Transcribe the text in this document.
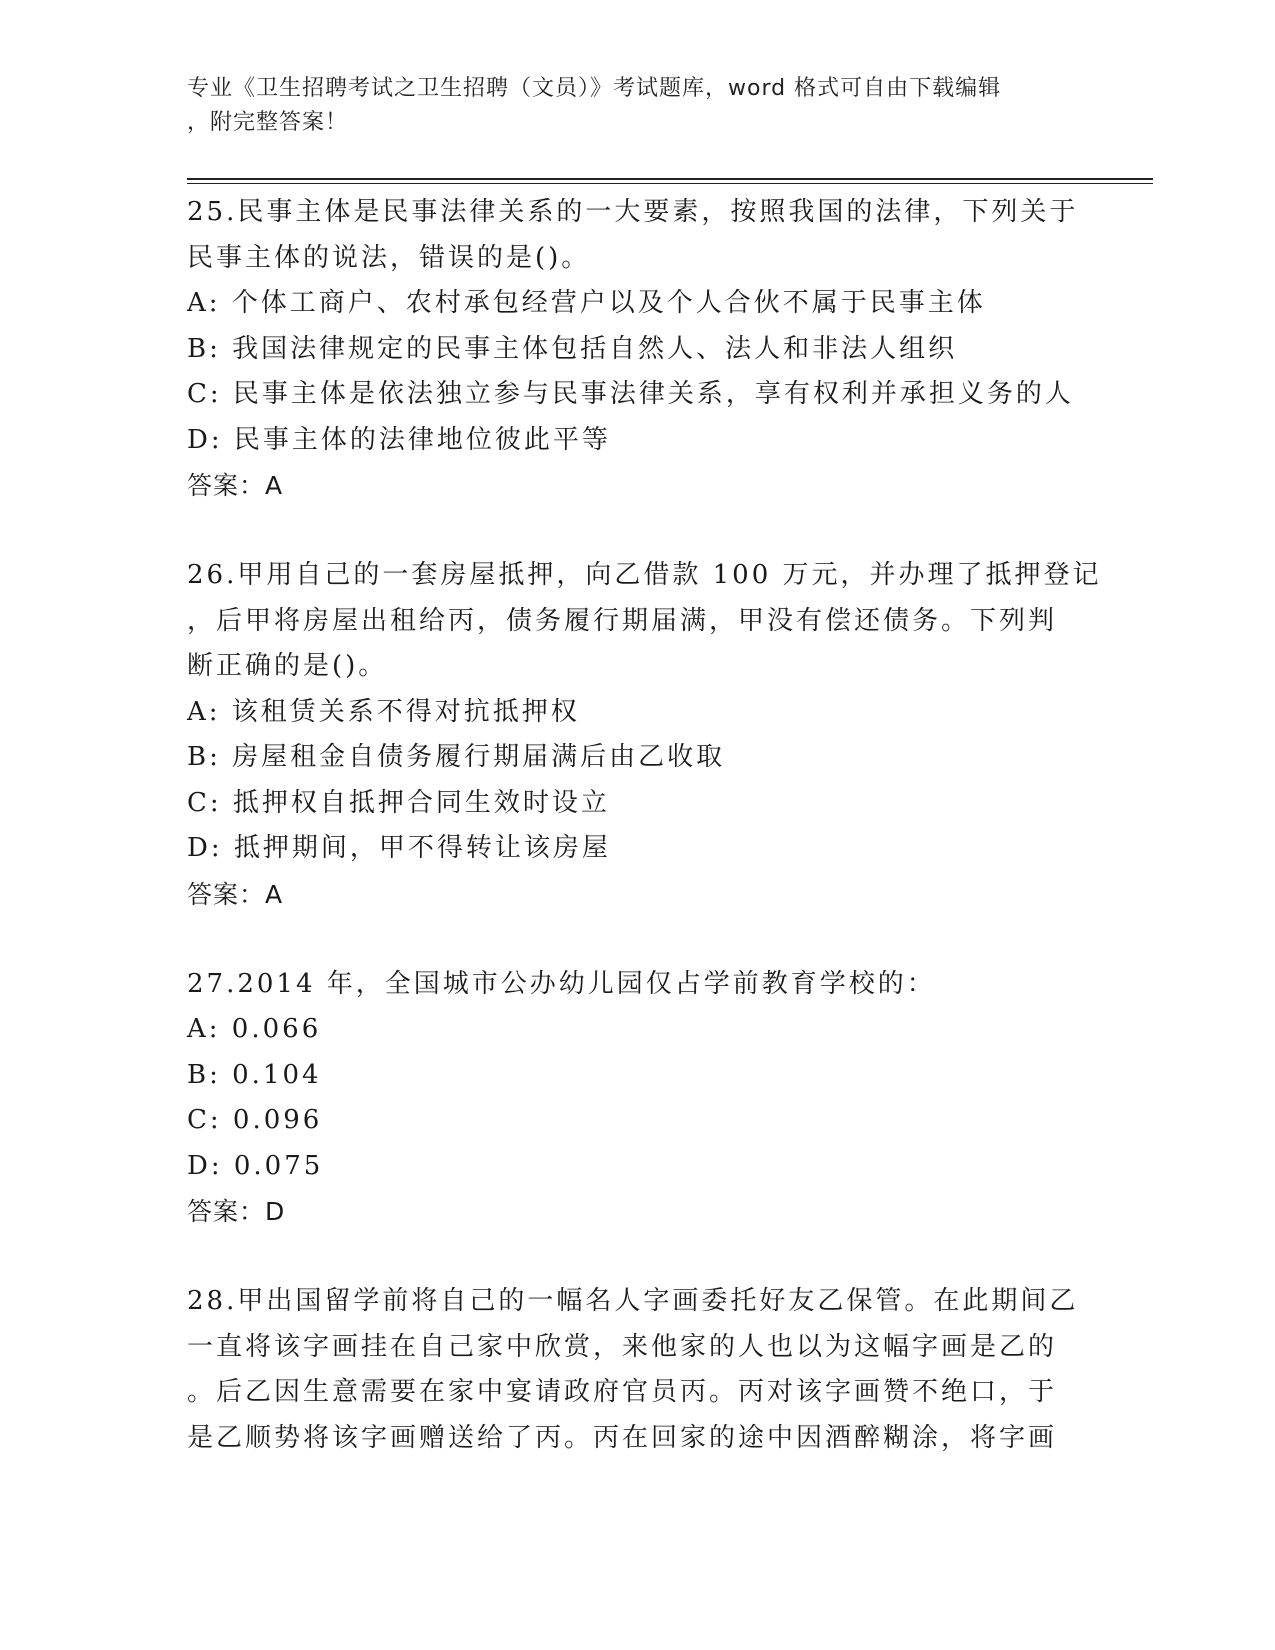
专业《卫生招聘考试之卫生招聘（文员）》考试题库，word 格式可自由下载编辑
，附完整答案！
25.民事主体是民事法律关系的一大要素，按照我国的法律，下列关于
民事主体的说法，错误的是()。
A: 个体工商户、农村承包经营户以及个人合伙不属于民事主体
B: 我国法律规定的民事主体包括自然人、法人和非法人组织
C: 民事主体是依法独立参与民事法律关系，享有权利并承担义务的人
D: 民事主体的法律地位彼此平等
答案：A
26.甲用自己的一套房屋抵押，向乙借款 100 万元，并办理了抵押登记
，后甲将房屋出租给丙，债务履行期届满，甲没有偿还债务。下列判
断正确的是()。
A: 该租赁关系不得对抗抵押权
B: 房屋租金自债务履行期届满后由乙收取
C: 抵押权自抵押合同生效时设立
D: 抵押期间，甲不得转让该房屋
答案：A
27.2014 年，全国城市公办幼儿园仅占学前教育学校的：
A: 0.066
B: 0.104
C: 0.096
D: 0.075
答案：D
28.甲出国留学前将自己的一幅名人字画委托好友乙保管。在此期间乙
一直将该字画挂在自己家中欣赏，来他家的人也以为这幅字画是乙的
。后乙因生意需要在家中宴请政府官员丙。丙对该字画赞不绝口，于
是乙顺势将该字画赠送给了丙。丙在回家的途中因酒醉糊涂，将字画
